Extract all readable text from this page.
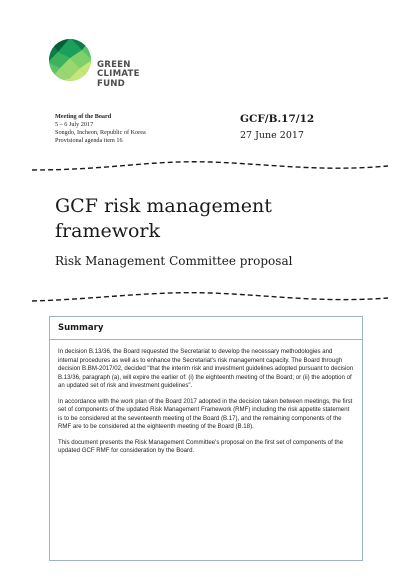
GREEN
CLIMATE
FUND
Meeting of the Board
5 – 6 July 2017
Songdo, Incheon, Republic of Korea
Provisional agenda item 16
GCF/B.17/12
27 June 2017
GCF risk management framework
Risk Management Committee proposal
Summary

In decision B.13/36, the Board requested the Secretariat to develop the necessary methodologies and internal procedures as well as to enhance the Secretariat's risk management capacity. The Board through decision B.BM-2017/02, decided "that the interim risk and investment guidelines adopted pursuant to decision B.13/36, paragraph (a), will expire the earlier of: (i) the eighteenth meeting of the Board; or (ii) the adoption of an updated set of risk and investment guidelines".

In accordance with the work plan of the Board 2017 adopted in the decision taken between meetings, the first set of components of the updated Risk Management Framework (RMF) including the risk appetite statement is to be considered at the seventeenth meeting of the Board (B.17), and the remaining components of the RMF are to be considered at the eighteenth meeting of the Board (B.18).

This document presents the Risk Management Committee's proposal on the first set of components of the updated GCF RMF for consideration by the Board.
